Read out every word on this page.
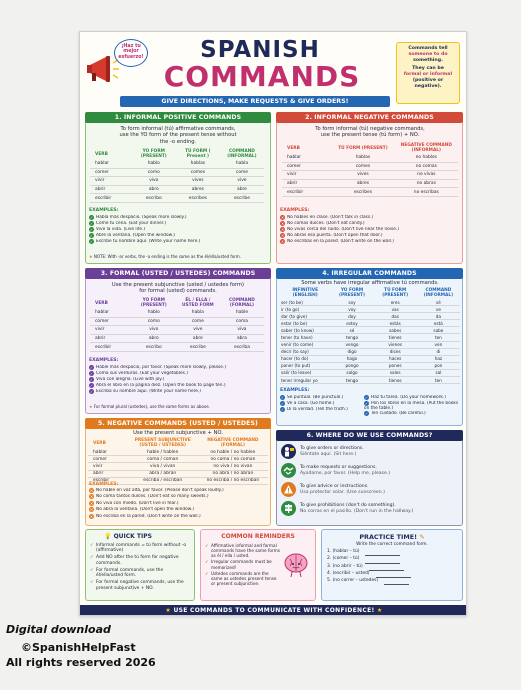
¡Haz tu mejor esfuerzo!	SPANISH
COMMANDS
Commands tell
someone to do
something.
They can be
formal or informal
(positive or
negative).
GIVE DIRECTIONS, MAKE REQUESTS & GIVE ORDERS!
1. INFORMAL POSITIVE COMMANDS
To form informal (tú) affirmative commands,
use the YO form of the present tense without
the -o ending.
VERB	YO FORM (PRESENT)	TÚ FORM ( Present )	COMMAND (INFORMAL)
hablar	hablo	hablas	habla
comer	como	comes	come
vivir	vivo	vives	vive
abrir	abro	abres	abre
escribir	escribo	escribes	escribe
EXAMPLES:
✓ Habla más despacio. (Speak more slowly.)
✓ Come tu cena. (Eat your dinner.)
✓ Vive la vida. (Live life.)
✓ Abre la ventana. (Open the window.)
✓ Escribe tu nombre aquí. (Write your name here.)
★ NOTE: With -ar verbs, the -a ending is the same as the él/ella/usted form.
2. INFORMAL NEGATIVE COMMANDS
To form informal (tú) negative commands,
use the present tense (tú form) + NO.
VERB	TÚ FORM (PRESENT)	NEGATIVE COMMAND (INFORMAL)
hablar	hablas	no hables
comer	comes	no comas
vivir	vives	no vivas
abrir	abres	no abras
escribir	escribes	no escribas
EXAMPLES:
✕ No hables en clase. (Don't talk in class.)
✕ No comas dulces. (Don't eat candy.)
✕ No vivas cerca del ruido. (Don't live near the noise.)
✕ No abras esa puerta. (Don't open that door.)
✕ No escribas en la pared. (Don't write on the wall.)
3. FORMAL (USTED / USTEDES) COMMANDS
Use the present subjunctive (usted / ustedes form)
for formal (usted) commands.
VERB	YO FORM (PRESENT)	ÉL / ELLA / USTED FORM	COMMAND (FORMAL)
hablar	hablo	habla	hable
comer	como	come	coma
vivir	vivo	vive	viva
abrir	abro	abre	abra
escribir	escribo	escribe	escriba
EXAMPLES:
✓ Hable más despacio, por favor. (Speak more slowly, please.)
✓ Coma sus verduras. (Eat your vegetables.)
✓ Viva con alegría. (Live with joy.)
✓ Abra el libro en la página diez. (Open the book to page ten.)
✓ Escriba su nombre aquí. (Write your name here.)
★ For formal plural (ustedes), use the same forms as above.
4. IRREGULAR COMMANDS
Some verbs have irregular affirmative tú commands.
INFINITIVE (ENGLISH)	YO FORM (PRESENT)	TÚ FORM (PRESENT)	COMMAND (INFORMAL)
ser (to be)	soy	eres	sé
ir (to go)	voy	vas	ve
dar (to give)	doy	das	da
estar (to be)	estoy	estás	está
saber (to know)	sé	sabes	sabe
tener (to have)	tengo	tienes	ten
venir (to come)	vengo	vienes	ven
decir (to say)	digo	dices	di
hacer (to do)	hago	haces	haz
poner (to put)	pongo	pones	pon
salir (to leave)	salgo	sales	sal
tener irregular yo	tengo	tienes	ten
EXAMPLES:
✓ Sé puntual. (Be punctual.)
✓ Ve a casa. (Go home.)
✓ Di la verdad. (Tell the truth.)
✓ Haz tu tarea. (Do your homework.)
✓ Pon los libros en la mesa. (Put the books on the table.)
✓ Ten cuidado. (Be careful.)
5. NEGATIVE COMMANDS (USTED / USTEDES)
Use the present subjunctive + NO.
VERB	PRESENT SUBJUNCTIVE (USTED / USTEDES)	NEGATIVE COMMAND (FORMAL)
hablar	hable / hablen	no hable / no hablen
comer	coma / coman	no coma / no coman
vivir	viva / vivan	no viva / no vivan
abrir	abra / abran	no abra / no abran
escribir	escriba / escriban	no escriba / no escriban
EXAMPLES:
✕ No hable en voz alta, por favor. (Please don't speak loudly.)
✕ No coma tantos dulces. (Don't eat so many sweets.)
✕ No viva con miedo. (Don't live in fear.)
✕ No abra la ventana. (Don't open the window.)
✕ No escriba en la pared. (Don't write on the wall.)
6. WHERE DO WE USE COMMANDS?
To give orders or directions.
Siéntate aquí. (Sit here.)
To make requests or suggestions.
Ayúdame, por favor. (Help me, please.)
To give advice or instructions.
Usa protector solar. (Use sunscreen.)
To give prohibitions (don't do something).
No corras en el pasillo. (Don't run in the hallway.)
💡 QUICK TIPS
✓ Informal commands = tú form without -o (affirmative)
✓ Add NO after the tú form for negative commands.
✓ For formal commands, use the él/ella/usted form.
✓ For formal negative commands, use the present subjunctive + NO.
COMMON REMINDERS
✓ Affirmative informal and formal commands have the same forms as él / ella / usted.
✓ Irregular commands must be memorized!
✓ Ustedes commands are the same as ustedes present tense or present subjunctive.
PRACTICE TIME! ✎
Write the correct command form.
1. (hablar – tú)
2. (comer – tú)
3. (no abrir – tú)
4. (escribir – usted)
5. (no correr – ustedes)
★ USE COMMANDS TO COMMUNICATE WITH CONFIDENCE! ★
Digital download
©SpanishHelpFast
All rights reserved 2026
